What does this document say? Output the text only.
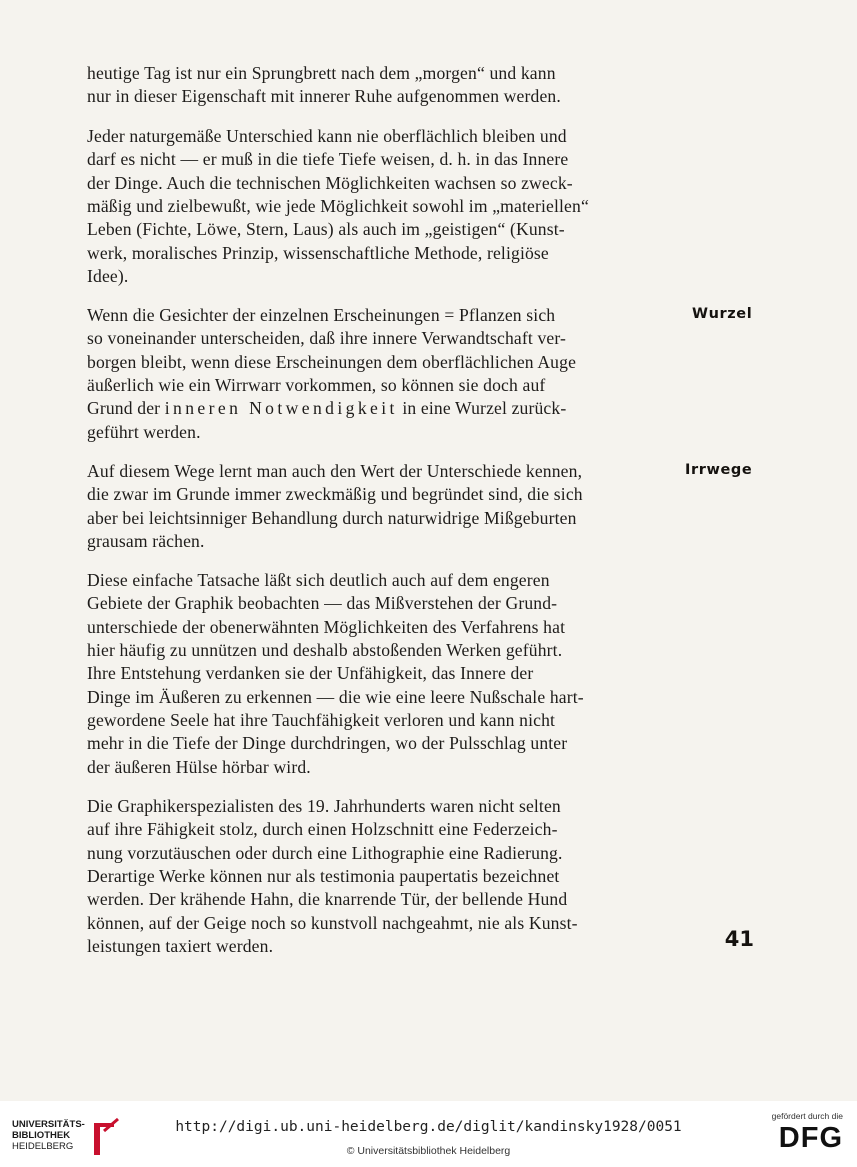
heutige Tag ist nur ein Sprungbrett nach dem „morgen“ und kann

nur in dieser Eigenschaft mit innerer Ruhe aufgenommen werden.

Jeder naturgemäße Unterschied kann nie oberflächlich bleiben und

darf es nicht — er muß in die tiefe Tiefe weisen, d. h. in das Innere

der Dinge. Auch die technischen Möglichkeiten wachsen so zweck-

mäßig und zielbewußt, wie jede Möglichkeit sowohl im „materiellen“

Leben (Fichte, Löwe, Stern, Laus) als auch im „geistigen“ (Kunst-

werk, moralisches Prinzip, wissenschaftliche Methode, religiöse

Idee).

Wenn die Gesichter der einzelnen Erscheinungen = Pflanzen sich

so voneinander unterscheiden, daß ihre innere Verwandtschaft ver-

borgen bleibt, wenn diese Erscheinungen dem oberflächlichen Auge

äußerlich wie ein Wirrwarr vorkommen, so können sie doch auf

Grund der inneren Notwendigkeit in eine Wurzel zurück-

geführt werden.

Auf diesem Wege lernt man auch den Wert der Unterschiede kennen,

die zwar im Grunde immer zweckmäßig und begründet sind, die sich

aber bei leichtsinniger Behandlung durch naturwidrige Mißgeburten

grausam rächen.

Diese einfache Tatsache läßt sich deutlich auch auf dem engeren

Gebiete der Graphik beobachten — das Mißverstehen der Grund-

unterschiede der obenerwähnten Möglichkeiten des Verfahrens hat

hier häufig zu unnützen und deshalb abstoßenden Werken geführt.

Ihre Entstehung verdanken sie der Unfähigkeit, das Innere der

Dinge im Äußeren zu erkennen — die wie eine leere Nußschale hart-

gewordene Seele hat ihre Tauchfähigkeit verloren und kann nicht

mehr in die Tiefe der Dinge durchdringen, wo der Pulsschlag unter

der äußeren Hülse hörbar wird.

Die Graphikerspezialisten des 19. Jahrhunderts waren nicht selten

auf ihre Fähigkeit stolz, durch einen Holzschnitt eine Federzeich-

nung vorzutäuschen oder durch eine Lithographie eine Radierung.

Derartige Werke können nur als testimonia paupertatis bezeichnet

werden. Der krähende Hahn, die knarrende Tür, der bellende Hund

können, auf der Geige noch so kunstvoll nachgeahmt, nie als Kunst-

leistungen taxiert werden.

Wurzel
Irrwege
41
UNIVERSITÄTS-
BIBLIOTHEK
HEIDELBERG
http://digi.ub.uni-heidelberg.de/diglit/kandinsky1928/0051
© Universitätsbibliothek Heidelberg
gefördert durch die
DFG
